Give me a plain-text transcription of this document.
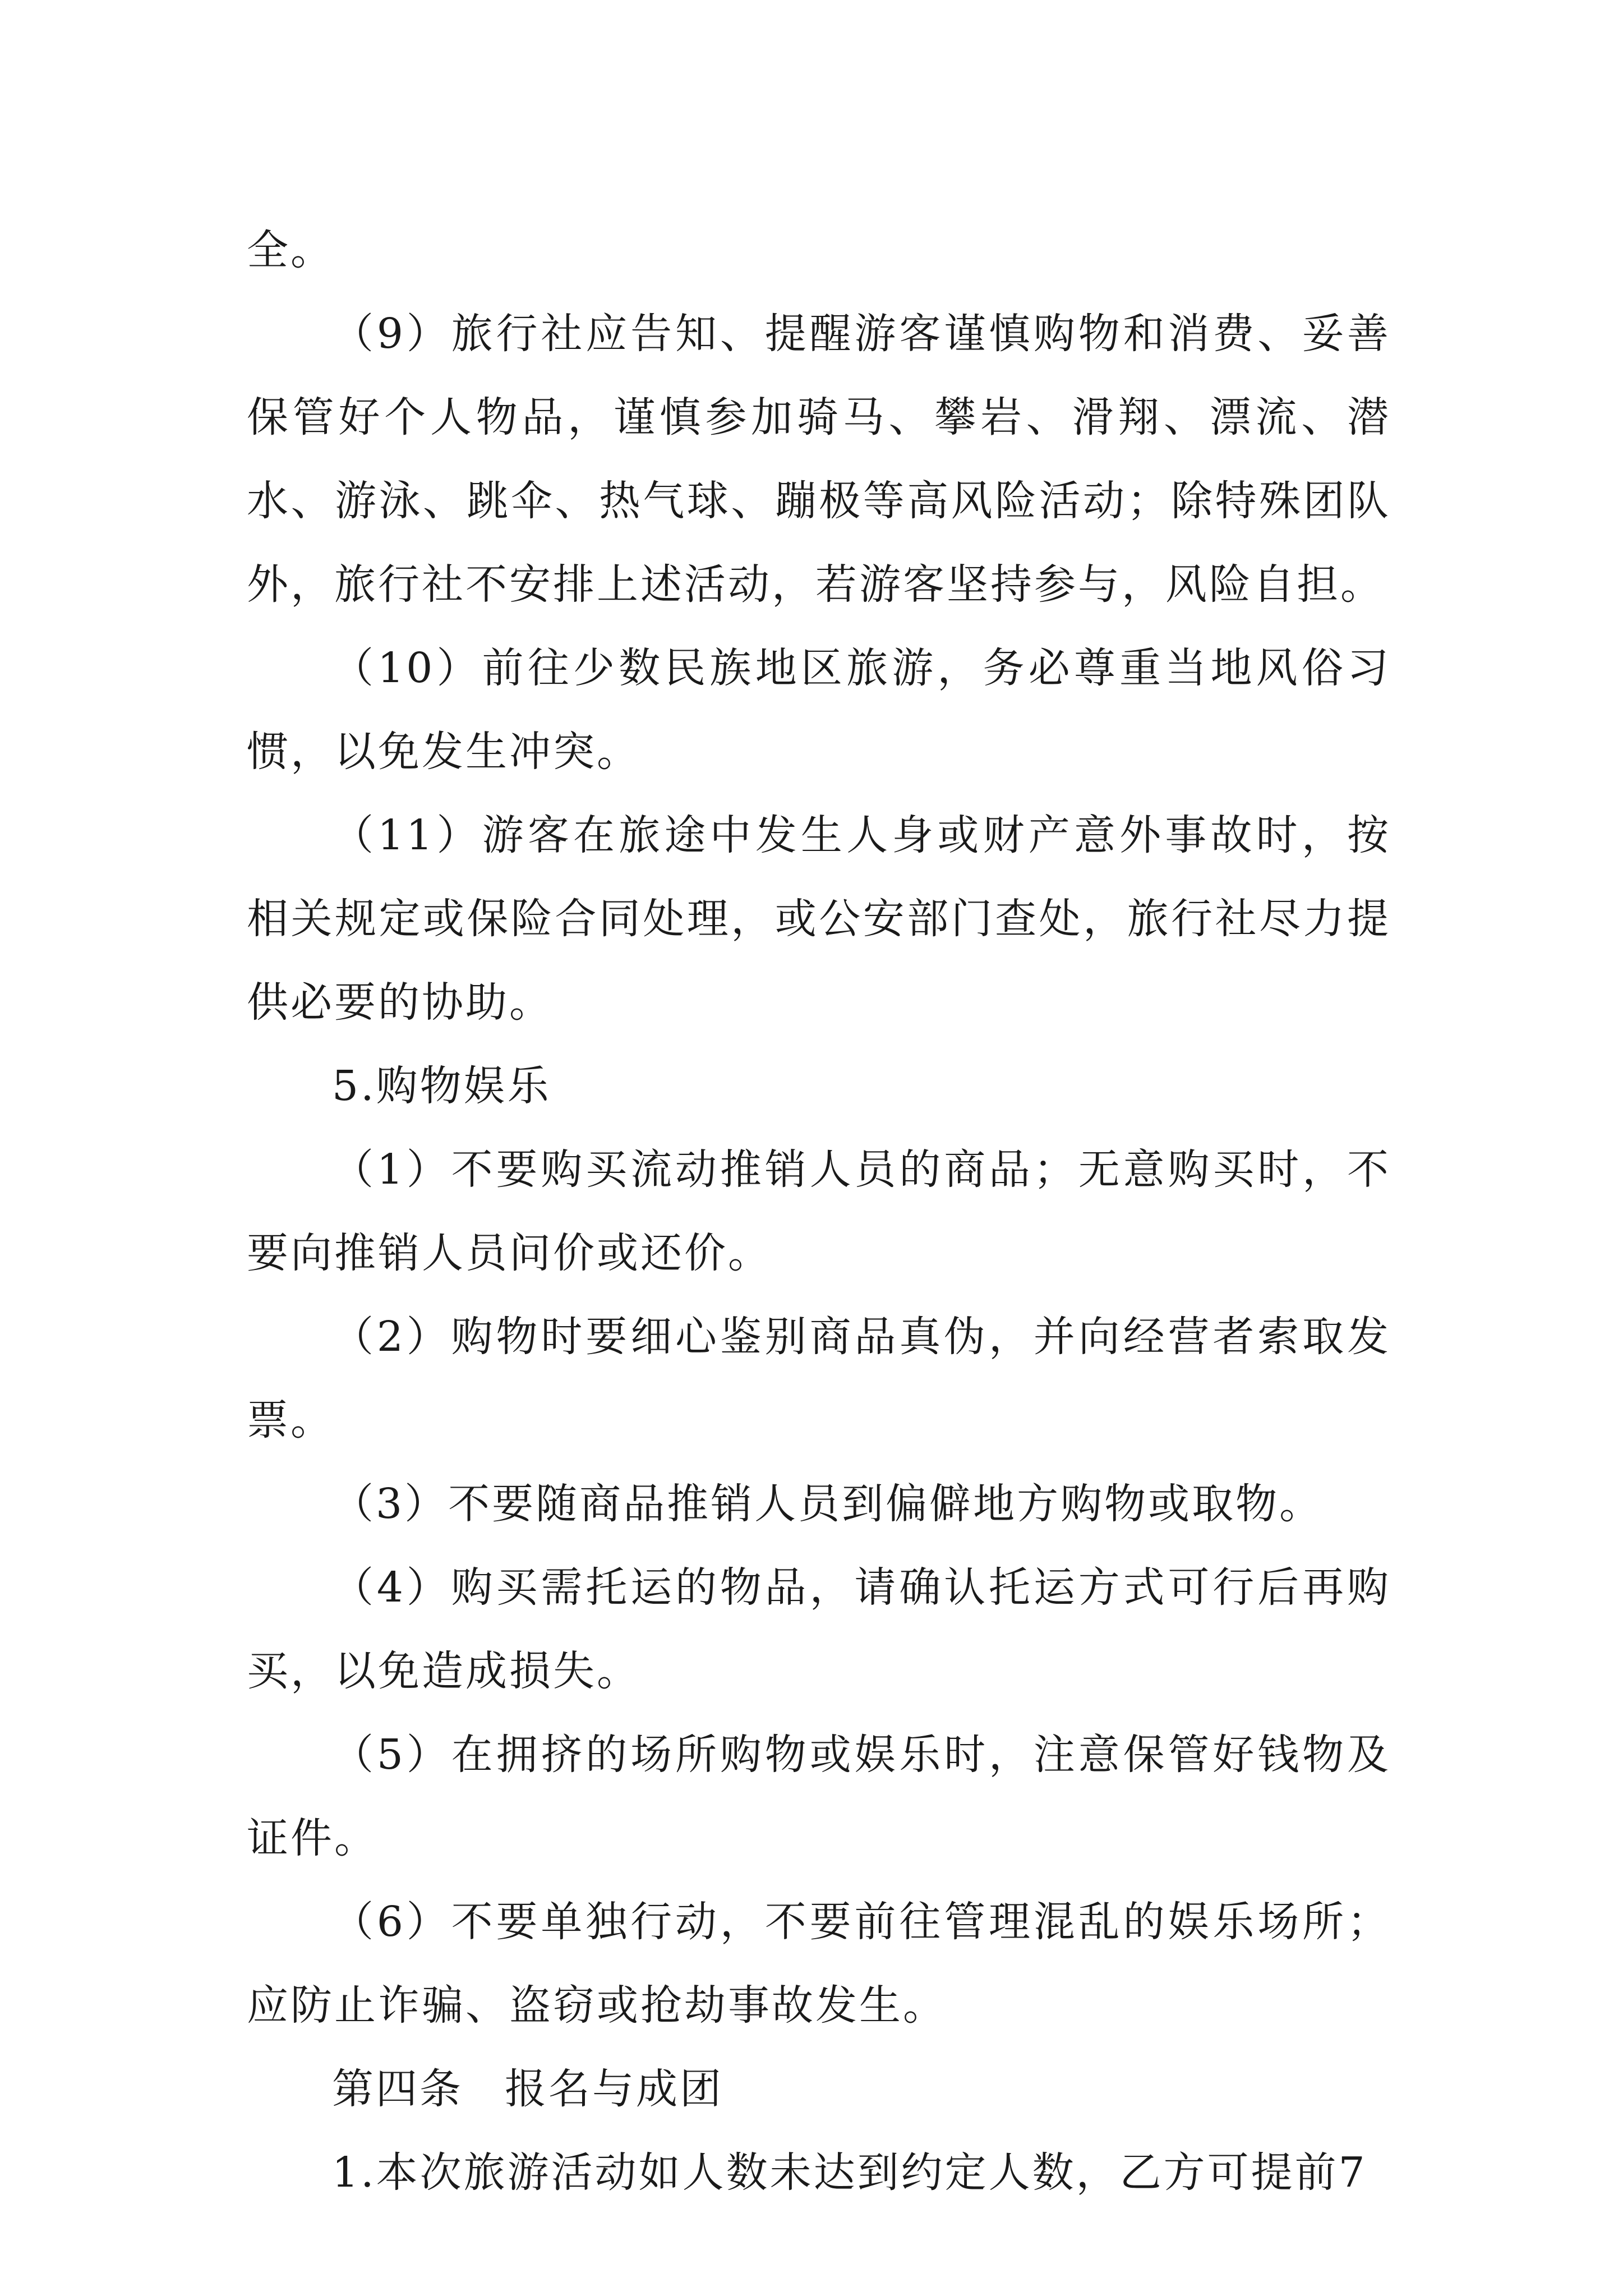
全。

（9）旅行社应告知、提醒游客谨慎购物和消费、妥善保管好个人物品，谨慎参加骑马、攀岩、滑翔、漂流、潜水、游泳、跳伞、热气球、蹦极等高风险活动；除特殊团队外，旅行社不安排上述活动，若游客坚持参与，风险自担。

（10）前往少数民族地区旅游，务必尊重当地风俗习惯，以免发生冲突。

（11）游客在旅途中发生人身或财产意外事故时，按相关规定或保险合同处理，或公安部门查处，旅行社尽力提供必要的协助。

5.购物娱乐

（1）不要购买流动推销人员的商品；无意购买时，不要向推销人员问价或还价。

（2）购物时要细心鉴别商品真伪，并向经营者索取发票。

（3）不要随商品推销人员到偏僻地方购物或取物。

（4）购买需托运的物品，请确认托运方式可行后再购买，以免造成损失。

（5）在拥挤的场所购物或娱乐时，注意保管好钱物及证件。

（6）不要单独行动，不要前往管理混乱的娱乐场所；应防止诈骗、盗窃或抢劫事故发生。

第四条 报名与成团

1.本次旅游活动如人数未达到约定人数，乙方可提前7
